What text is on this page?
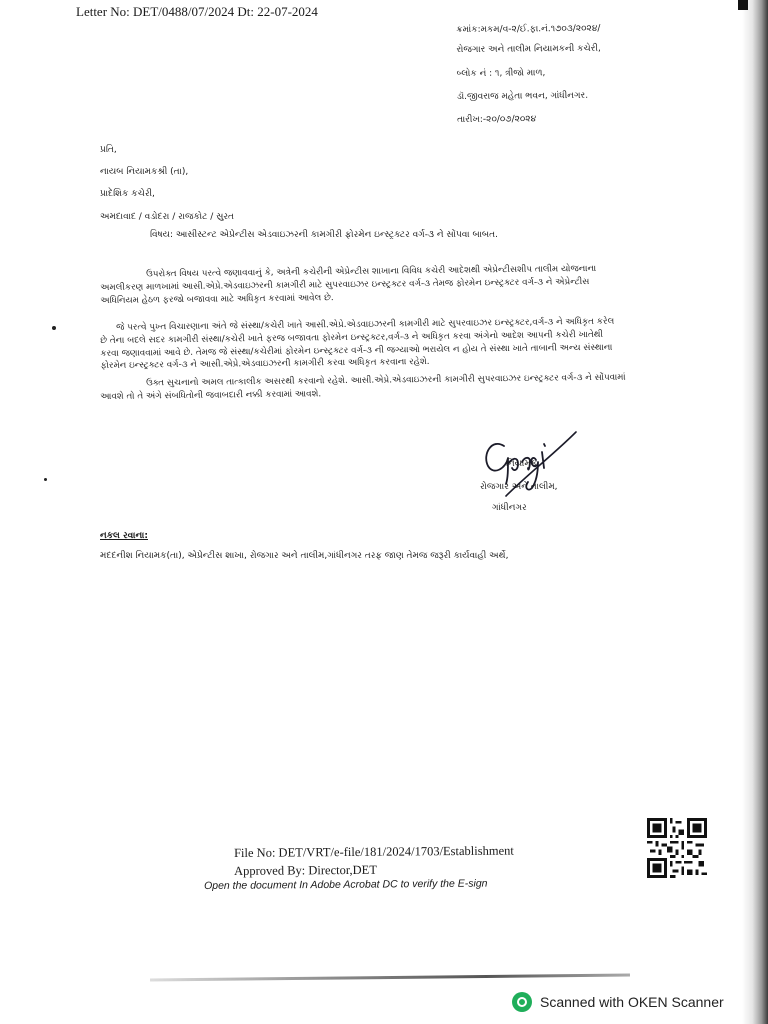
Letter No: DET/0488/07/2024 Dt: 22-07-2024
ક્રમાંક:મકમ/વ-૨/ઈ.ફા.નં.૧૭૦૩/૨૦૨૪/
રોજગાર અને તાલીમ નિયામકની કચેરી,
બ્લોક નં : ૧, ત્રીજો માળ,
ડૉ.જીવરાજ મહેતા ભવન, ગાંધીનગર.
તારીખ:-૨૦/૦૭/૨૦૨૪
પ્રતિ,
નાયબ નિયામકશ્રી (તા),
પ્રાદેશિક કચેરી,
અમદાવાદ / વડોદરા / રાજકોટ / સુરત
વિષય: આસીસ્ટન્ટ એપ્રેન્ટીસ એડવાઇઝરની કામગીરી ફોરમેન ઇન્સ્ટ્રક્ટર વર્ગ-૩ ને સોંપવા બાબત.
ઉપરોક્ત વિષય પરત્વે જણાવવાનું કે, અત્રેની કચેરીની એપ્રેન્ટીસ શાખાના વિવિધ કચેરી આદેશથી એપ્રેન્ટીસશીપ તાલીમ યોજનાના
અમલીકરણ માળખામાં આસી.એપ્રે.એડવાઇઝરની કામગીરી માટે સુપરવાઇઝર ઇન્સ્ટ્રક્ટર વર્ગ-૩ તેમજ ફોરમેન ઇન્સ્ટ્રક્ટર વર્ગ-૩ ને એપ્રેન્ટીસ
અધિનિયમ હેઠળ ફરજો બજાવવા માટે અધિકૃત કરવામાં આવેલ છે.
જે પરત્વે પુખ્ત વિચારણાના અંતે જે સંસ્થા/કચેરી ખાતે આસી.એપ્રે.એડવાઇઝરની કામગીરી માટે સુપરવાઇઝર ઇન્સ્ટ્રક્ટર,વર્ગ-૩ ને અધિકૃત કરેલ
છે તેના બદલે સદર કામગીરી સંસ્થા/કચેરી ખાતે ફરજ બજાવતા ફોરમેન ઇન્સ્ટ્રક્ટર,વર્ગ-૩ ને અધિકૃત કરવા અંગેનો આદેશ આપની કચેરી ખાતેથી
કરવા જણાવવામાં આવે છે. તેમજ જે સંસ્થા/કચેરીમાં ફોરમેન ઇન્સ્ટ્રક્ટર વર્ગ-૩ ની જગ્યાઓ ભરાયેલ ન હોય તે સંસ્થા ખાતે તાબાની અન્ય સંસ્થાના
ફોરમેન ઇન્સ્ટ્રક્ટર વર્ગ-૩ ને આસી.એપ્રે.એડવાઇઝરની કામગીરી કરવા અધિકૃત કરવાના રહેશે.
ઉક્ત સુચનાનો અમલ તાત્કાલીક અસરથી કરવાનો રહેશે. આસી.એપ્રે.એડવાઇઝરની કામગીરી સુપરવાઇઝર ઇન્સ્ટ્રક્ટર વર્ગ-૩ ને સોંપવામાં
આવશે તો તે અંગે સંબધિતોની જવાબદારી નક્કી કરવામાં આવશે.
નિયામક
રોજગાર અને તાલીમ,
ગાંધીનગર
નકલ રવાના:
મદદનીશ નિયામક(તા), એપ્રેન્ટીસ શાખા, રોજગાર અને તાલીમ,ગાંધીનગર તરફ જાણ તેમજ જરૂરી કાર્યવાહી અર્થે,
File No: DET/VRT/e-file/181/2024/1703/Establishment
Approved By: Director,DET
Open the document In Adobe Acrobat DC to verify the E-sign
Scanned with OKEN Scanner
